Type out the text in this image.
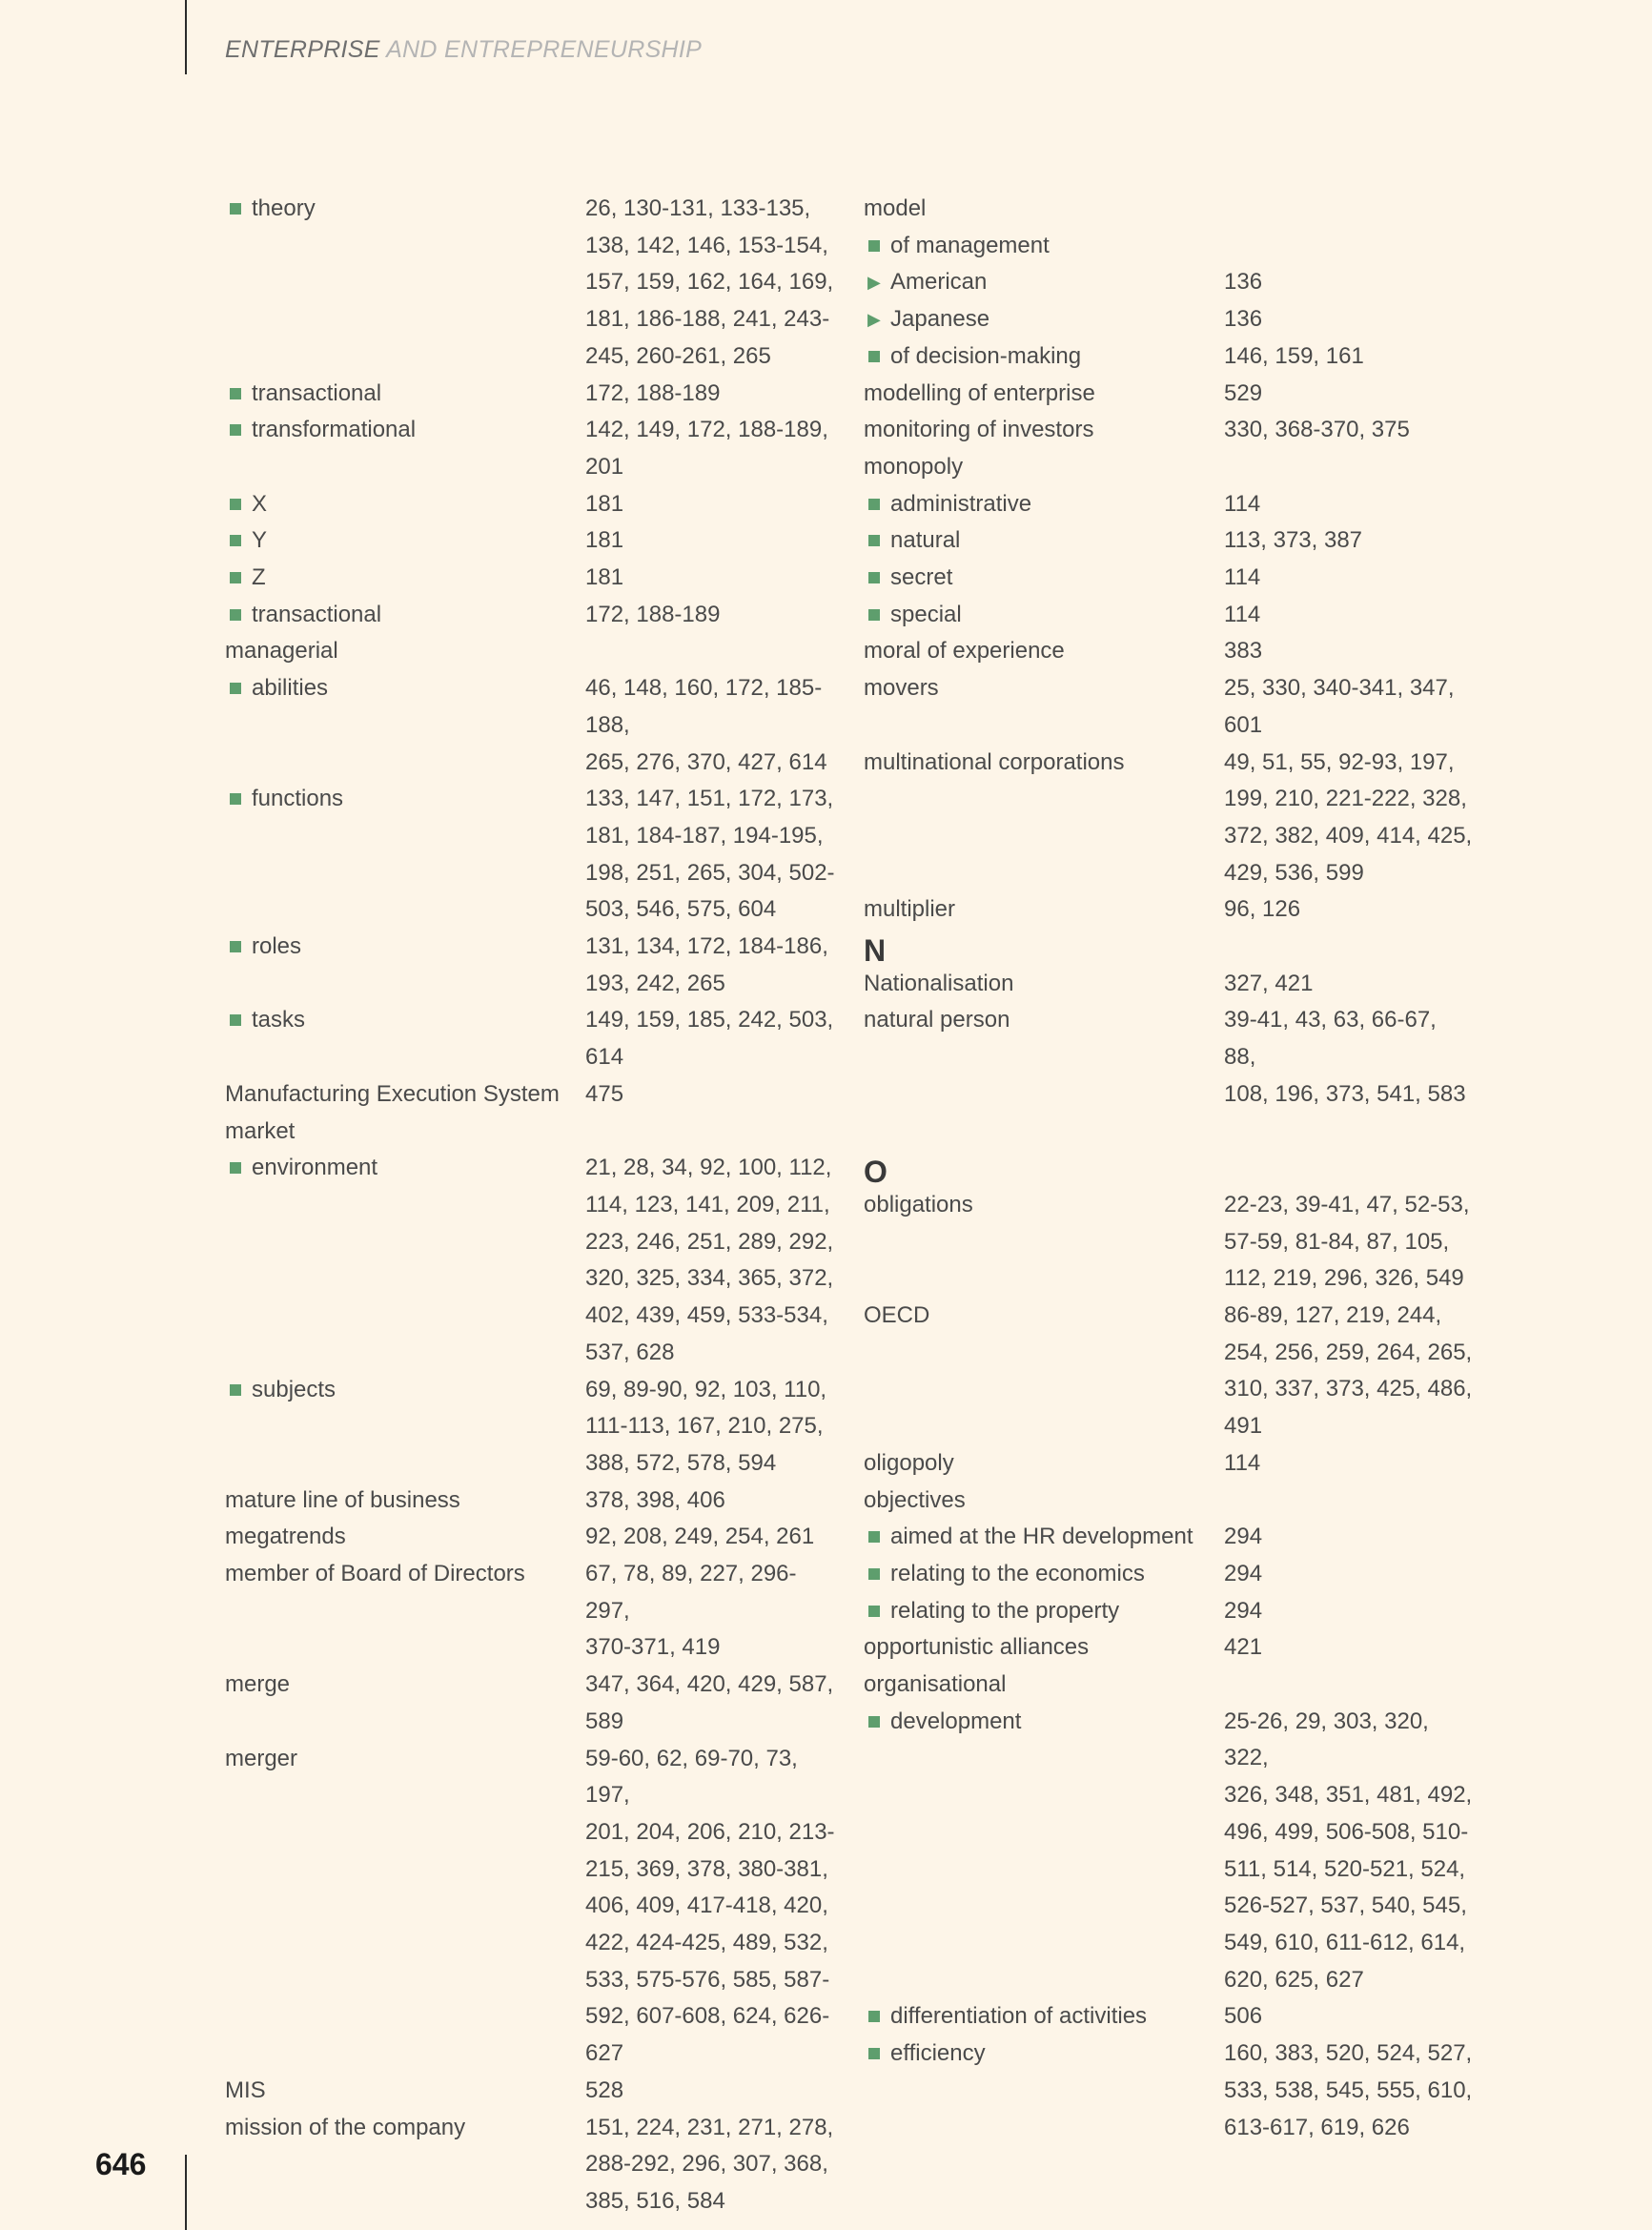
ENTERPRISE AND ENTREPRENEURSHIP
theory	26, 130-131, 133-135,
138, 142, 146, 153-154,
157, 159, 162, 164, 169,
181, 186-188, 241, 243-
245, 260-261, 265
transactional	172, 188-189
transformational	142, 149, 172, 188-189, 201
X	181
Y	181
Z	181
transactional	172, 188-189
managerial
abilities	46, 148, 160, 172, 185-188,
265, 276, 370, 427, 614
functions	133, 147, 151, 172, 173,
181, 184-187, 194-195,
198, 251, 265, 304, 502-
503, 546, 575, 604
roles	131, 134, 172, 184-186,
193, 242, 265
tasks	149, 159, 185, 242, 503,
614
Manufacturing Execution System	475
market
environment	21, 28, 34, 92, 100, 112,
114, 123, 141, 209, 211,
223, 246, 251, 289, 292,
320, 325, 334, 365, 372,
402, 439, 459, 533-534,
537, 628
subjects	69, 89-90, 92, 103, 110,
111-113, 167, 210, 275,
388, 572, 578, 594
mature line of business	378, 398, 406
megatrends	92, 208, 249, 254, 261
member of Board of Directors	67, 78, 89, 227, 296-297,
370-371, 419
merge	347, 364, 420, 429, 587,
589
merger	59-60, 62, 69-70, 73, 197,
201, 204, 206, 210, 213-
215, 369, 378, 380-381,
406, 409, 417-418, 420,
422, 424-425, 489, 532,
533, 575-576, 585, 587-
592, 607-608, 624, 626-
627
MIS	528
mission of the company	151, 224, 231, 271, 278,
288-292, 296, 307, 368,
385, 516, 584
model
of management
▶ American	136
▶ Japanese	136
of decision-making	146, 159, 161
modelling of enterprise	529
monitoring of investors	330, 368-370, 375
monopoly
administrative	114
natural	113, 373, 387
secret	114
special	114
moral of experience	383
movers	25, 330, 340-341, 347, 601
multinational corporations	49, 51, 55, 92-93, 197,
199, 210, 221-222, 328,
372, 382, 409, 414, 425,
429, 536, 599
multiplier	96, 126
N
Nationalisation	327, 421
natural person	39-41, 43, 63, 66-67, 88,
108, 196, 373, 541, 583
O
obligations	22-23, 39-41, 47, 52-53,
57-59, 81-84, 87, 105,
112, 219, 296, 326, 549
OECD	86-89, 127, 219, 244,
254, 256, 259, 264, 265,
310, 337, 373, 425, 486,
491
oligopoly	114
objectives
aimed at the HR development	294
relating to the economics	294
relating to the property	294
opportunistic alliances	421
organisational
development	25-26, 29, 303, 320, 322,
326, 348, 351, 481, 492,
496, 499, 506-508, 510-
511, 514, 520-521, 524,
526-527, 537, 540, 545,
549, 610, 611-612, 614,
620, 625, 627
differentiation of activities	506
efficiency	160, 383, 520, 524, 527,
533, 538, 545, 555, 610,
613-617, 619, 626
646
